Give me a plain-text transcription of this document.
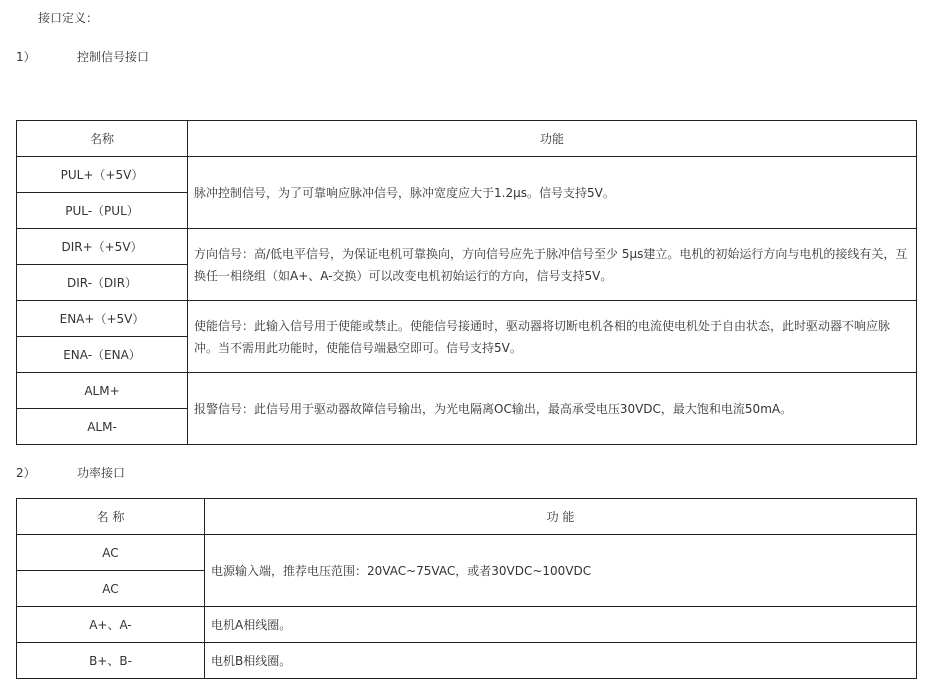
接口定义：
1）	控制信号接口
名称	功能
PUL+（+5V）	脉冲控制信号，为了可靠响应脉冲信号，脉冲宽度应大于1.2μs。信号支持5V。
PUL-（PUL）	
DIR+（+5V）	方向信号：高/低电平信号，为保证电机可靠换向，方向信号应先于脉冲信号至少 5μs建立。电机的初始运行方向与电机的接线有关，互换任一相绕组（如A+、A-交换）可以改变电机初始运行的方向，信号支持5V。
DIR-（DIR）	
ENA+（+5V）	使能信号：此输入信号用于使能或禁止。使能信号接通时，驱动器将切断电机各相的电流使电机处于自由状态，此时驱动器不响应脉冲。当不需用此功能时，使能信号端悬空即可。信号支持5V。
ENA-（ENA）	
ALM+	报警信号：此信号用于驱动器故障信号输出，为光电隔离OC输出，最高承受电压30VDC，最大饱和电流50mA。
ALM-	
2）	功率接口
名 称	功 能
AC	电源输入端，推荐电压范围：20VAC~75VAC，或者30VDC~100VDC
AC	
A+、A-	电机A相线圈。
B+、B-	电机B相线圈。
